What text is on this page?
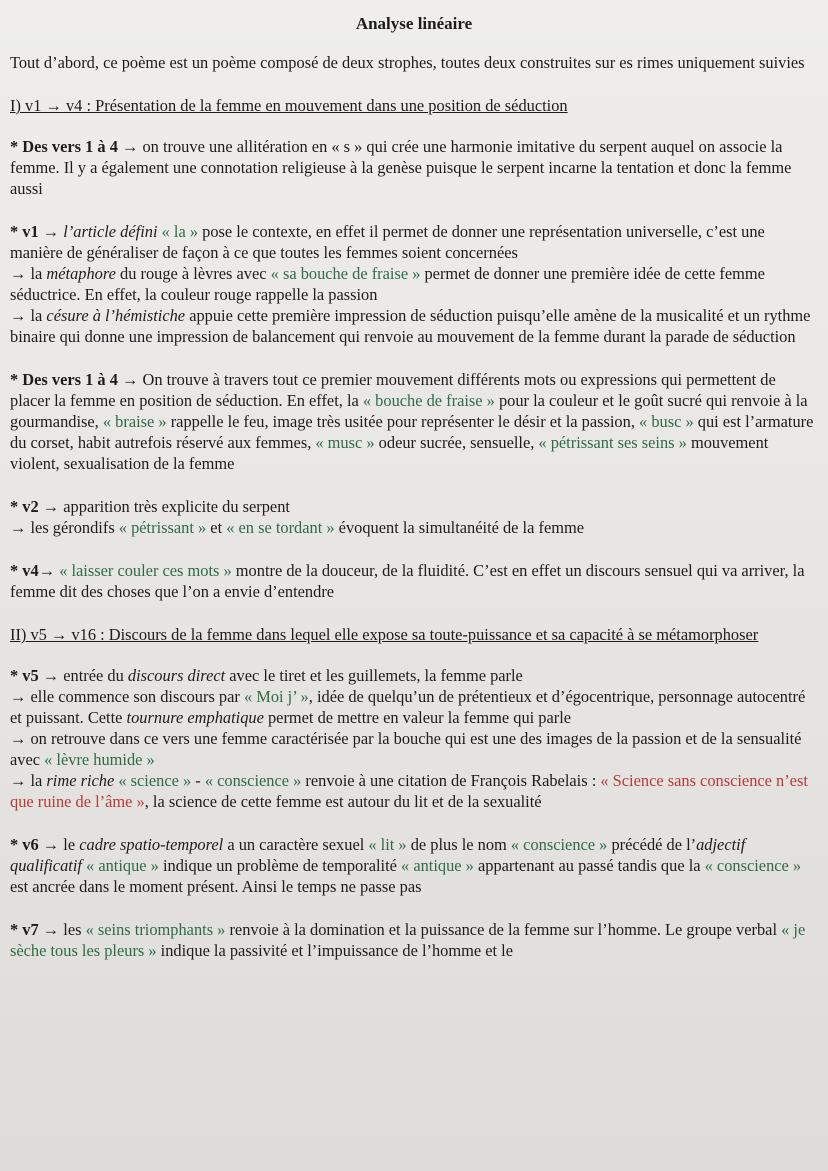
Analyse linéaire

Tout d’abord, ce poème est un poème composé de deux strophes, toutes deux construites sur es rimes uniquement suivies

I) v1 → v4 : Présentation de la femme en mouvement dans une position de séduction

* Des vers 1 à 4 → on trouve une allitération en « s » qui crée une harmonie imitative du serpent auquel on associe la femme. Il y a également une connotation religieuse à la genèse puisque le serpent incarne la tentation et donc la femme aussi

* v1 → l’article défini « la » pose le contexte, en effet il permet de donner une représentation universelle, c’est une manière de généraliser de façon à ce que toutes les femmes soient concernées
→ la métaphore du rouge à lèvres avec « sa bouche de fraise » permet de donner une première idée de cette femme séductrice. En effet, la couleur rouge rappelle la passion
→ la césure à l’hémistiche appuie cette première impression de séduction puisqu’elle amène de la musicalité et un rythme binaire qui donne une impression de balancement qui renvoie au mouvement de la femme durant la parade de séduction

* Des vers 1 à 4 → On trouve à travers tout ce premier mouvement différents mots ou expressions qui permettent de placer la femme en position de séduction. En effet, la « bouche de fraise » pour la couleur et le goût sucré qui renvoie à la gourmandise, « braise » rappelle le feu, image très usitée pour représenter le désir et la passion, « busc » qui est l’armature du corset, habit autrefois réservé aux femmes, « musc » odeur sucrée, sensuelle, « pétrissant ses seins » mouvement violent, sexualisation de la femme

* v2 → apparition très explicite du serpent
→ les gérondifs « pétrissant » et « en se tordant » évoquent la simultanéité de la femme

* v4→ « laisser couler ces mots » montre de la douceur, de la fluidité. C’est en effet un discours sensuel qui va arriver, la femme dit des choses que l’on a envie d’entendre

II) v5 → v16 : Discours de la femme dans lequel elle expose sa toute-puissance et sa capacité à se métamorphoser

* v5 → entrée du discours direct avec le tiret et les guillemets, la femme parle
→ elle commence son discours par « Moi j’ », idée de quelqu’un de prétentieux et d’égocentrique, personnage autocentré et puissant. Cette tournure emphatique permet de mettre en valeur la femme qui parle
→ on retrouve dans ce vers une femme caractérisée par la bouche qui est une des images de la passion et de la sensualité avec « lèvre humide »
→ la rime riche « science » - « conscience » renvoie à une citation de François Rabelais : « Science sans conscience n’est que ruine de l’âme », la science de cette femme est autour du lit et de la sexualité

* v6 → le cadre spatio-temporel a un caractère sexuel « lit » de plus le nom « conscience » précédé de l’adjectif qualificatif « antique » indique un problème de temporalité « antique » appartenant au passé tandis que la « conscience » est ancrée dans le moment présent. Ainsi le temps ne passe pas

* v7 → les « seins triomphants » renvoie à la domination et la puissance de la femme sur l’homme. Le groupe verbal « je sèche tous les pleurs » indique la passivité et l’impuissance de l’homme et le
